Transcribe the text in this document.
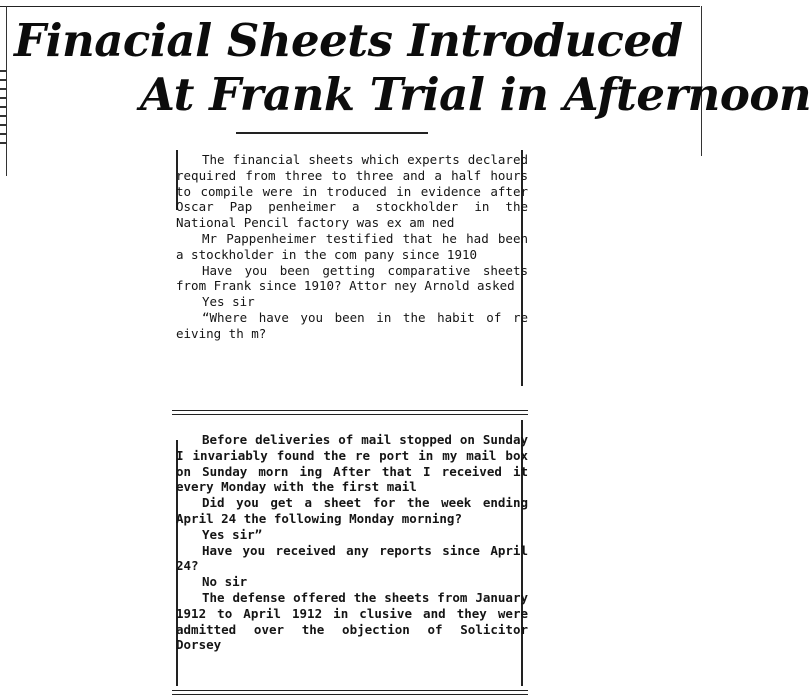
Finacial Sheets Introduced
At Frank Trial in Afternoon

The financial sheets which experts declared required from three to three and a half hours to compile were in troduced in evidence after Oscar Pap penheimer a stockholder in the National Pencil factory was ex am ned

Mr Pappenheimer testified that he had been a stockholder in the com pany since 1910

Have you been getting comparative sheets from Frank since 1910? Attor ney Arnold asked

Yes sir

“Where have you been in the habit of re eiving th m?

Before deliveries of mail stopped on Sunday I invariably found the re port in my mail box on Sunday morn ing After that I received it every Monday with the first mail

Did you get a sheet for the week ending April 24 the following Monday morning?

Yes sir”

Have you received any reports since April 24?

No sir

The defense offered the sheets from January 1912 to April 1912 in clusive and they were admitted over the objection of Solicitor Dorsey
